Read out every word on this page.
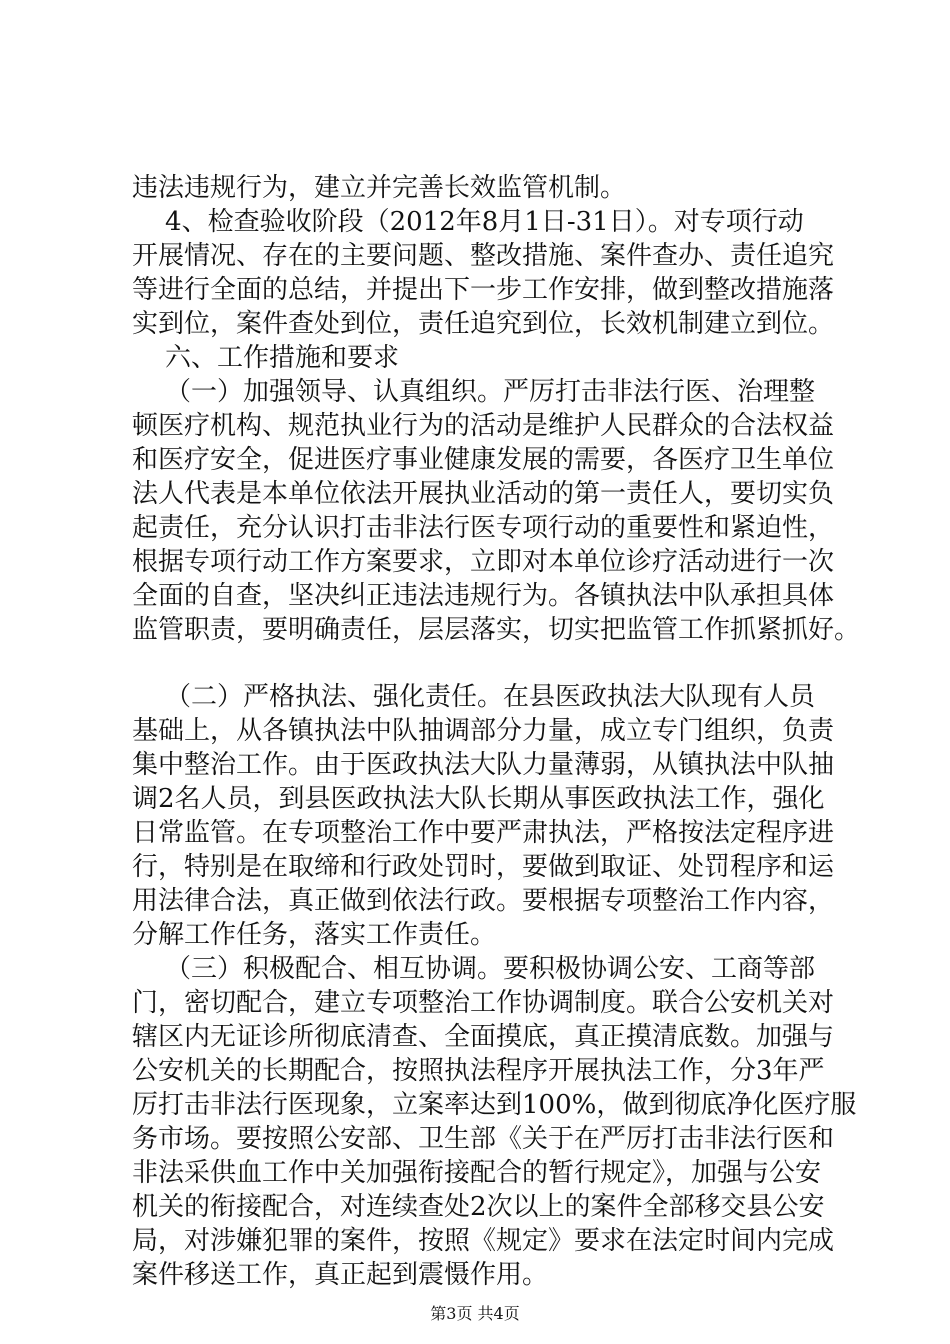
违法违规行为，建立并完善长效监管机制。
4、检查验收阶段（2012年8月1日-31日）。对专项行动
开展情况、存在的主要问题、整改措施、案件查办、责任追究
等进行全面的总结，并提出下一步工作安排，做到整改措施落
实到位，案件查处到位，责任追究到位，长效机制建立到位。
六、工作措施和要求
（一）加强领导、认真组织。严厉打击非法行医、治理整
顿医疗机构、规范执业行为的活动是维护人民群众的合法权益
和医疗安全，促进医疗事业健康发展的需要，各医疗卫生单位
法人代表是本单位依法开展执业活动的第一责任人，要切实负
起责任，充分认识打击非法行医专项行动的重要性和紧迫性，
根据专项行动工作方案要求，立即对本单位诊疗活动进行一次
全面的自查，坚决纠正违法违规行为。各镇执法中队承担具体
监管职责，要明确责任，层层落实，切实把监管工作抓紧抓好。
（二）严格执法、强化责任。在县医政执法大队现有人员
基础上，从各镇执法中队抽调部分力量，成立专门组织，负责
集中整治工作。由于医政执法大队力量薄弱，从镇执法中队抽
调2名人员，到县医政执法大队长期从事医政执法工作，强化
日常监管。在专项整治工作中要严肃执法，严格按法定程序进
行，特别是在取缔和行政处罚时，要做到取证、处罚程序和运
用法律合法，真正做到依法行政。要根据专项整治工作内容，
分解工作任务，落实工作责任。
（三）积极配合、相互协调。要积极协调公安、工商等部
门，密切配合，建立专项整治工作协调制度。联合公安机关对
辖区内无证诊所彻底清查、全面摸底，真正摸清底数。加强与
公安机关的长期配合，按照执法程序开展执法工作，分3年严
厉打击非法行医现象，立案率达到100%，做到彻底净化医疗服
务市场。要按照公安部、卫生部《关于在严厉打击非法行医和
非法采供血工作中关加强衔接配合的暂行规定》，加强与公安
机关的衔接配合，对连续查处2次以上的案件全部移交县公安
局，对涉嫌犯罪的案件，按照《规定》要求在法定时间内完成
案件移送工作，真正起到震慑作用。
第3页 共4页
